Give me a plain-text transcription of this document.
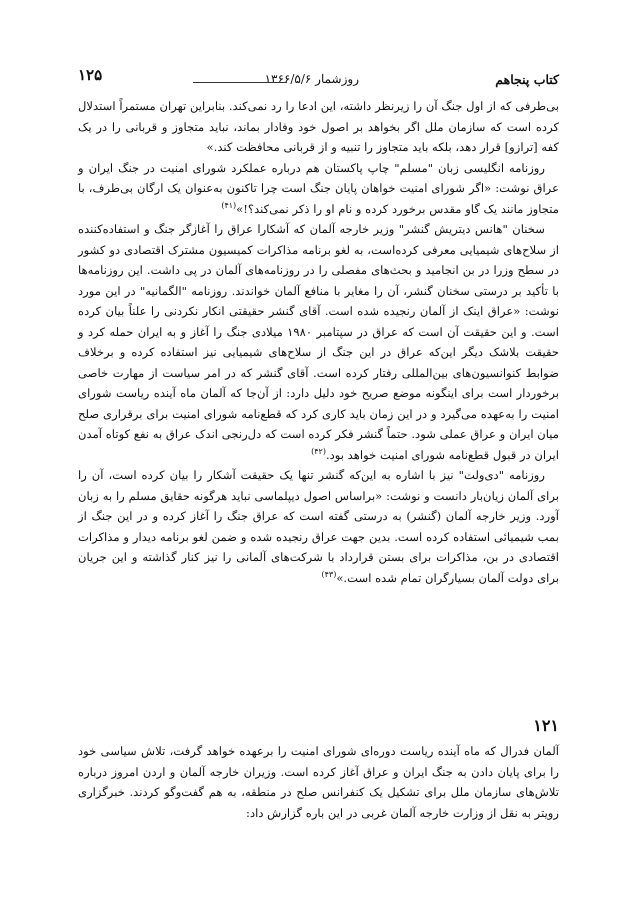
کتاب پنجاهم
روزشمار ۱۳۶۶/۵/۶
۱۲۵

بی‌طرفی که از اول جنگ آن را زیرنظر داشته، این ادعا را رد نمی‌کند. بنابراین تهران مستمراً استدلال کرده است که سازمان ملل اگر بخواهد بر اصول خود وفادار بماند، نباید متجاوز و قربانی را در یک کفه [ترازو] قرار دهد، بلکه باید متجاوز را تنبیه و از قربانی محافظت کند.»

روزنامه انگلیسی زبان "مسلم" چاپ پاکستان هم درباره عملکرد شورای امنیت در جنگ ایران و عراق نوشت: «اگر شورای امنیت خواهان پایان جنگ است چرا تاکنون به‌عنوان یک ارگان بی‌طرف، با متجاوز مانند یک گاو مقدس برخورد کرده و نام او را ذکر نمی‌کند؟!»$^{(۴۱)}$

سخنان "هانس دیتریش گنشر" وزیر خارجه آلمان که آشکارا عراق را آغازگر جنگ و استفاده‌کننده از سلاح‌های شیمیایی معرفی کرده‌است، به لغو برنامه مذاکرات کمیسیون مشترک اقتصادی دو کشور در سطح وزرا در بن انجامید و بحث‌های مفصلی را در روزنامه‌های آلمان در پی داشت. این روزنامه‌ها با تأکید بر درستی سخنان گنشر، آن را مغایر با منافع آلمان خواندند. روزنامه "الگمانیه" در این مورد نوشت: «عراق اینک از آلمان رنجیده شده است. آقای گنشر حقیقتی انکار نکردنی را علناً بیان کرده است. و این حقیقت آن است که عراق در سپتامبر ۱۹۸۰ میلادی جنگ را آغاز و به ایران حمله کرد و حقیقت بلاشک دیگر این‌که عراق در این جنگ از سلاح‌های شیمیایی نیز استفاده کرده و برخلاف ضوابط کنوانسیون‌های بین‌المللی رفتار کرده است. آقای گنشر که در امر سیاست از مهارت خاصی برخوردار است برای اینگونه موضع صریح خود دلیل دارد: از آن‌جا که آلمان ماه آینده ریاست شورای امنیت را به‌عهده می‌گیرد و در این زمان باید کاری کرد که قطع‌نامه شورای امنیت برای برقراری صلح میان ایران و عراق عملی شود. حتماً گنشر فکر کرده است که دل‌رنجی اندک عراق به نفع کوتاه آمدن ایران در قبول قطع‌نامه شورای امنیت خواهد بود.$^{(۴۲)}$

روزنامه "دی‌ولت" نیز با اشاره به این‌که گنشر تنها یک حقیقت آشکار را بیان کرده است، آن را برای آلمان زیان‌بار دانست و نوشت: «براساس اصول دیپلماسی نباید هرگونه حقایق مسلم را به زبان آورد. وزیر خارجه آلمان (گنشر) به درستی گفته است که عراق جنگ را آغاز کرده و در این جنگ از بمب شیمیائی استفاده کرده است. بدین جهت عراق رنجیده شده و ضمن لغو برنامه دیدار و مذاکرات اقتصادی در بن، مذاکرات برای بستن قرارداد با شرکت‌های آلمانی را نیز کنار گذاشته و این جریان برای دولت آلمان بسیارگران تمام شده است.»$^{(۴۳)}$

۱۲۱

آلمان فدرال که ماه آینده ریاست دوره‌ای شورای امنیت را برعهده خواهد گرفت، تلاش سیاسی خود را برای پایان دادن به جنگ ایران و عراق آغاز کرده است. وزیران خارجه آلمان و اردن امروز درباره تلاش‌های سازمان ملل برای تشکیل یک کنفرانس صلح در منطقه، به هم گفت‌وگو کردند. خبرگزاری رویتر به نقل از وزارت خارجه آلمان غربی در این باره گزارش داد:
